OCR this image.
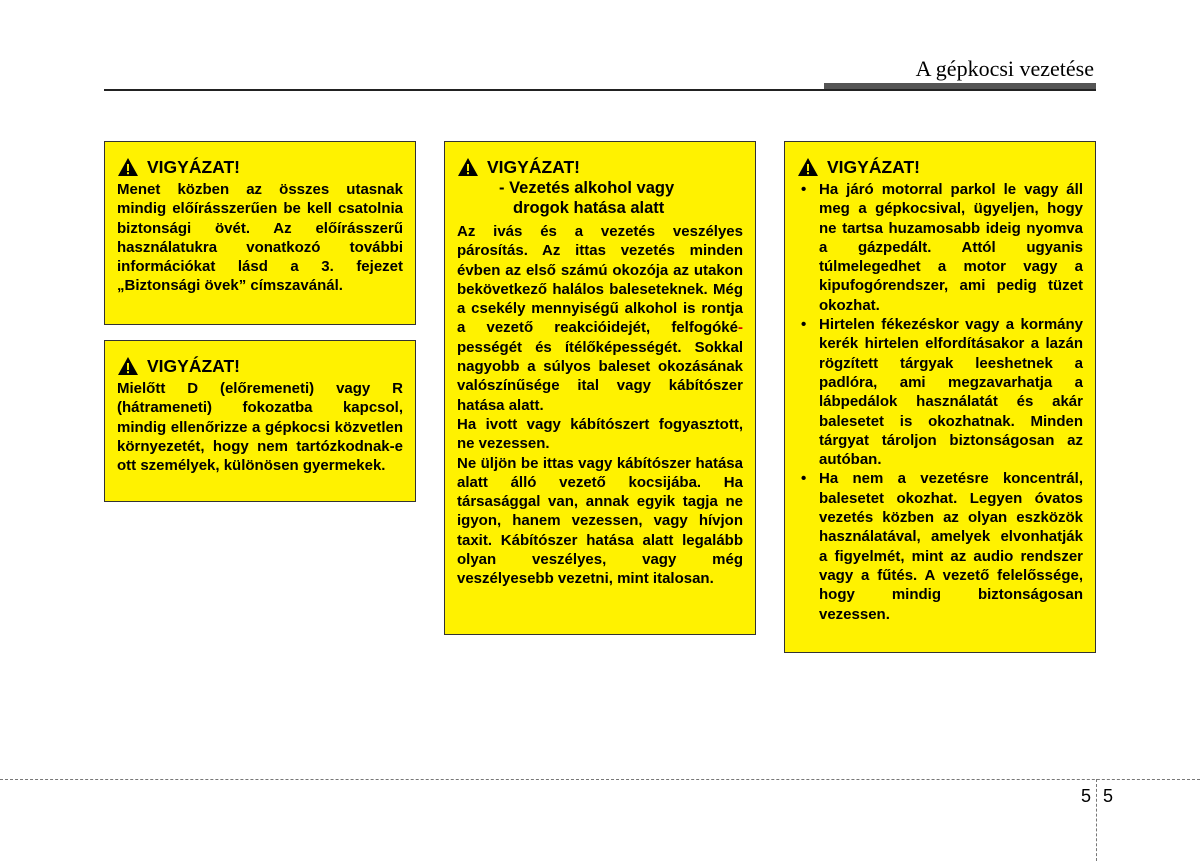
A gépkocsi vezetése
VIGYÁZAT!
Menet közben az összes utasnak mindig előírásszerűen be kell csatolnia biztonsági övét. Az előírásszerű használatukra vonatkozó további információkat lásd a 3. fejezet „Biztonsági övek” címszavánál.
VIGYÁZAT!
Mielőtt D (előremeneti) vagy R (hátrameneti) fokozatba kapcsol, mindig ellenőrizze a gépkocsi közvetlen környezetét, hogy nem tartózkodnak-e ott személyek, különösen gyermekek.
VIGYÁZAT!
- Vezetés alkohol vagy
drogok hatása alatt
Az ivás és a vezetés veszélyes párosítás. Az ittas vezetés minden évben az első számú okozója az utakon bekövetkező halálos baleseteknek. Még a csekély mennyiségű alkohol is rontja a vezető reakcióidejét, felfogóké-pességét és ítélőképességét. Sokkal nagyobb a súlyos baleset okozásának valószínűsége ital vagy kábítószer hatása alatt.
Ha ivott vagy kábítószert fogyasztott, ne vezessen.
Ne üljön be ittas vagy kábítószer hatása alatt álló vezető kocsijába. Ha társasággal van, annak egyik tagja ne igyon, hanem vezessen, vagy hívjon taxit. Kábítószer hatása alatt legalább olyan veszélyes, vagy még veszélyesebb vezetni, mint italosan.
VIGYÁZAT!
• Ha járó motorral parkol le vagy áll meg a gépkocsival, ügyeljen, hogy ne tartsa huzamosabb ideig nyomva a gázpedált. Attól ugyanis túlmelegedhet a motor vagy a kipufogórendszer, ami pedig tüzet okozhat.
• Hirtelen fékezéskor vagy a kormány kerék hirtelen elfordításakor a lazán rögzített tárgyak leeshetnek a padlóra, ami megzavarhatja a lábpedálok használatát és akár balesetet is okozhatnak. Minden tárgyat tároljon biztonságosan az autóban.
• Ha nem a vezetésre koncentrál, balesetet okozhat. Legyen óvatos vezetés közben az olyan eszközök használatával, amelyek elvonhatják a figyelmét, mint az audio rendszer vagy a fűtés. A vezető felelőssége, hogy mindig biztonságosan vezessen.
5 5
